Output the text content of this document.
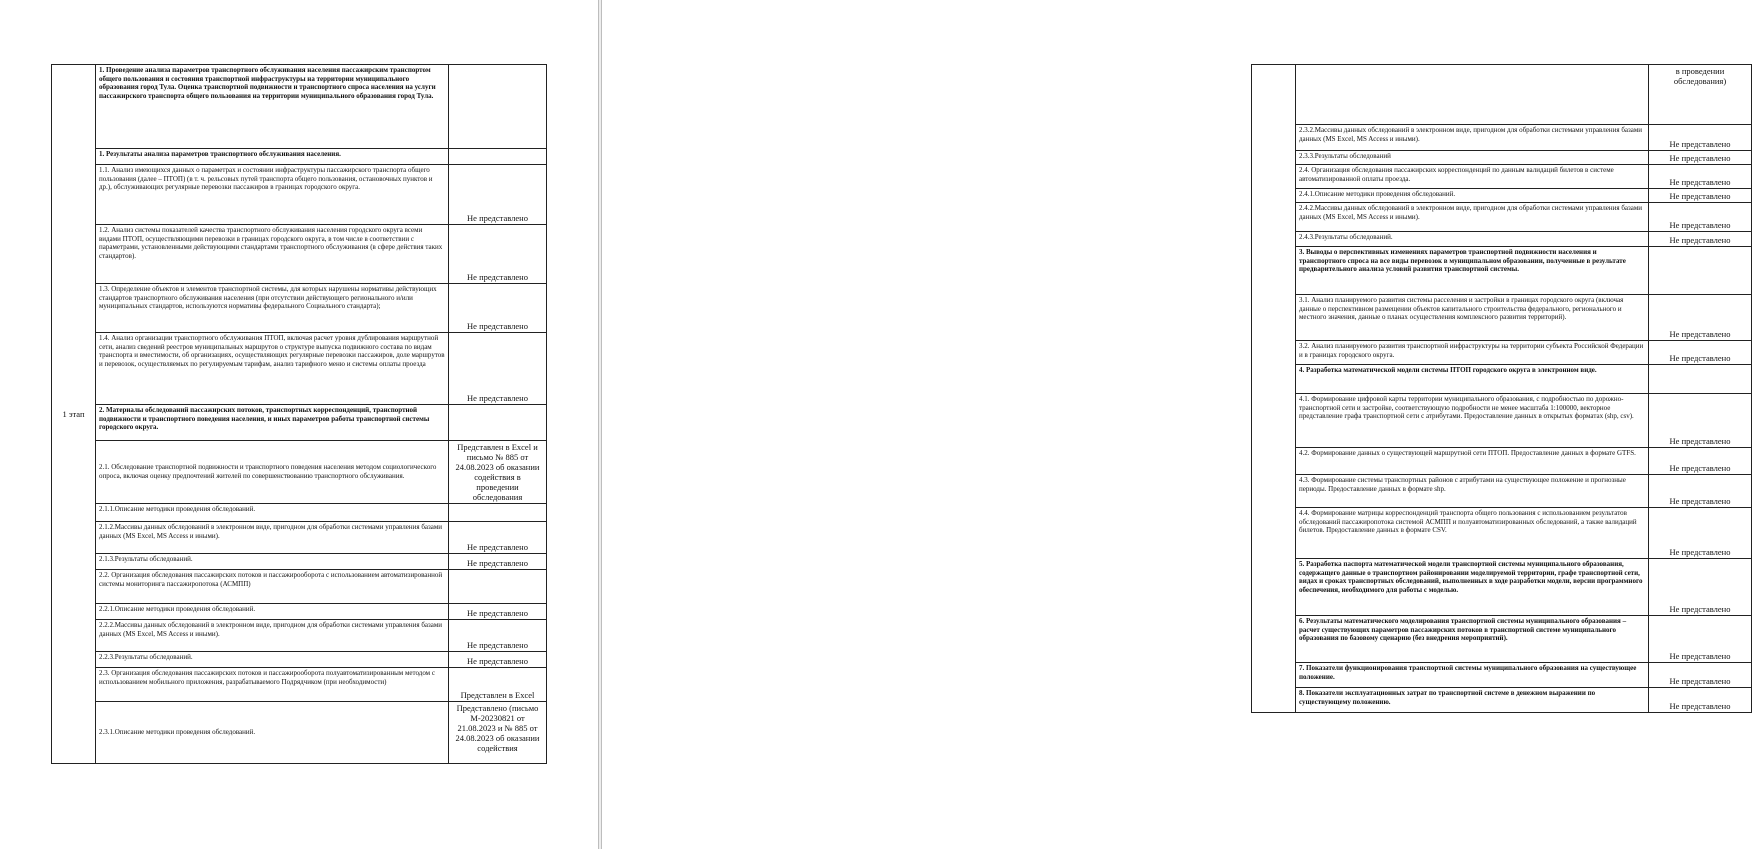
1 этап	1. Проведение анализа параметров транспортного обслуживания населения пассажирским транспортом общего пользования и состояния транспортной инфраструктуры на территории муниципального образования город Тула. Оценка транспортной подвижности и транспортного спроса населения на услуги пассажирского транспорта общего пользования на территории муниципального образования город Тула.	
	1. Результаты анализа параметров транспортного обслуживания населения.	
	1.1. Анализ имеющихся данных о параметрах и состоянии инфраструктуры пассажирского транспорта общего пользования (далее – ПТОП) (в т. ч. рельсовых путей транспорта общего пользования, остановочных пунктов и др.), обслуживающих регулярные перевозки пассажиров в границах городского округа.	Не представлено
	1.2. Анализ системы показателей качества транспортного обслуживания населения городского округа всеми видами ПТОП, осуществляющими перевозки в границах городского округа, в том числе в соответствии с параметрами, установленными действующими стандартами транспортного обслуживания (в сфере действия таких стандартов).	Не представлено
	1.3. Определение объектов и элементов транспортной системы, для которых нарушены нормативы действующих стандартов транспортного обслуживания населения (при отсутствии действующего регионального и/или муниципальных стандартов, используются нормативы федерального Социального стандарта);	Не представлено
	1.4. Анализ организации транспортного обслуживания ПТОП, включая расчет уровня дублирования маршрутной сети, анализ сведений реестров муниципальных маршрутов о структуре выпуска подвижного состава по видам транспорта и вместимости, об организациях, осуществляющих регулярные перевозки пассажиров, доле маршрутов и перевозок, осуществляемых по регулируемым тарифам, анализ тарифного меню и системы оплаты проезда	Не представлено
	2. Материалы обследований пассажирских потоков, транспортных корреспонденций, транспортной подвижности и транспортного поведения населения, и иных параметров работы транспортной системы городского округа.	
	2.1. Обследование транспортной подвижности и транспортного поведения населения методом социологического опроса, включая оценку предпочтений жителей по совершенствованию транспортного обслуживания.	Представлен в Excel и письмо № 885 от 24.08.2023 об оказании содействия в проведении обследования
	2.1.1.Описание методики проведения обследований.	
	2.1.2.Массивы данных обследований в электронном виде, пригодном для обработки системами управления базами данных (MS Excel, MS Access и иными).	Не представлено
	2.1.3.Результаты обследований.	Не представлено
	2.2. Организация обследования пассажирских потоков и пассажирооборота с использованием автоматизированной системы мониторинга пассажиропотока (АСМПП)	
	2.2.1.Описание методики проведения обследований.	Не представлено
	2.2.2.Массивы данных обследований в электронном виде, пригодном для обработки системами управления базами данных (MS Excel, MS Access и иными).	Не представлено
	2.2.3.Результаты обследований.	Не представлено
	2.3. Организация обследования пассажирских потоков и пассажирооборота полуавтоматизированным методом с использованием мобильного приложения, разрабатываемого Подрядчиком (при необходимости)	Представлен в Excel
	2.3.1.Описание методики проведения обследований.	Представлено (письмо М-20230821 от 21.08.2023 и № 885 от 24.08.2023 об оказании содействия
		в проведении обследования)
	2.3.2.Массивы данных обследований в электронном виде, пригодном для обработки системами управления базами данных (MS Excel, MS Access и иными).	Не представлено
	2.3.3.Результаты обследований	Не представлено
	2.4. Организация обследования пассажирских корреспонденций по данным валидаций билетов в системе автоматизированной оплаты проезда.	Не представлено
	2.4.1.Описание методики проведения обследований.	Не представлено
	2.4.2.Массивы данных обследований в электронном виде, пригодном для обработки системами управления базами данных (MS Excel, MS Access и иными).	Не представлено
	2.4.3.Результаты обследований.	Не представлено
	3. Выводы о перспективных изменениях параметров транспортной подвижности населения и транспортного спроса на все виды перевозок в муниципальном образовании, полученные в результате предварительного анализа условий развития транспортной системы.	
	3.1. Анализ планируемого развития системы расселения и застройки в границах городского округа (включая данные о перспективном размещении объектов капитального строительства федерального, регионального и местного значения, данные о планах осуществления комплексного развития территорий).	Не представлено
	3.2. Анализ планируемого развития транспортной инфраструктуры на территории субъекта Российской Федерации и в границах городского округа.	Не представлено
	4. Разработка математической модели системы ПТОП городского округа в электронном виде.	
	4.1. Формирование цифровой карты территории муниципального образования, с подробностью по дорожно-транспортной сети и застройке, соответствующую подробности не менее масштаба 1:100000, векторное представление графа транспортной сети с атрибутами. Предоставление данных в открытых форматах (shp, csv).	Не представлено
	4.2. Формирование данных о существующей маршрутной сети ПТОП. Предоставление данных в формате GTFS.	Не представлено
	4.3. Формирование системы транспортных районов с атрибутами на существующее положение и прогнозные периоды. Предоставление данных в формате shp.	Не представлено
	4.4. Формирование матрицы корреспонденций транспорта общего пользования с использованием результатов обследований пассажиропотока системой АСМПП и полуавтоматизированных обследований, а также валидаций билетов. Предоставление данных в формате CSV.	Не представлено
	5. Разработка паспорта математической модели транспортной системы муниципального образования, содержащего данные о транспортном районировании моделируемой территории, графе транспортной сети, видах и сроках транспортных обследований, выполненных в ходе разработки модели, версии программного обеспечения, необходимого для работы с моделью.	Не представлено
	6. Результаты математического моделирования транспортной системы муниципального образования – расчет существующих параметров пассажирских потоков в транспортной системе муниципального образования по базовому сценарию (без внедрения мероприятий).	Не представлено
	7. Показатели функционирования транспортной системы муниципального образования на существующее положение.	Не представлено
	8. Показатели эксплуатационных затрат по транспортной системе в денежном выражении по существующему положению.	Не представлено
